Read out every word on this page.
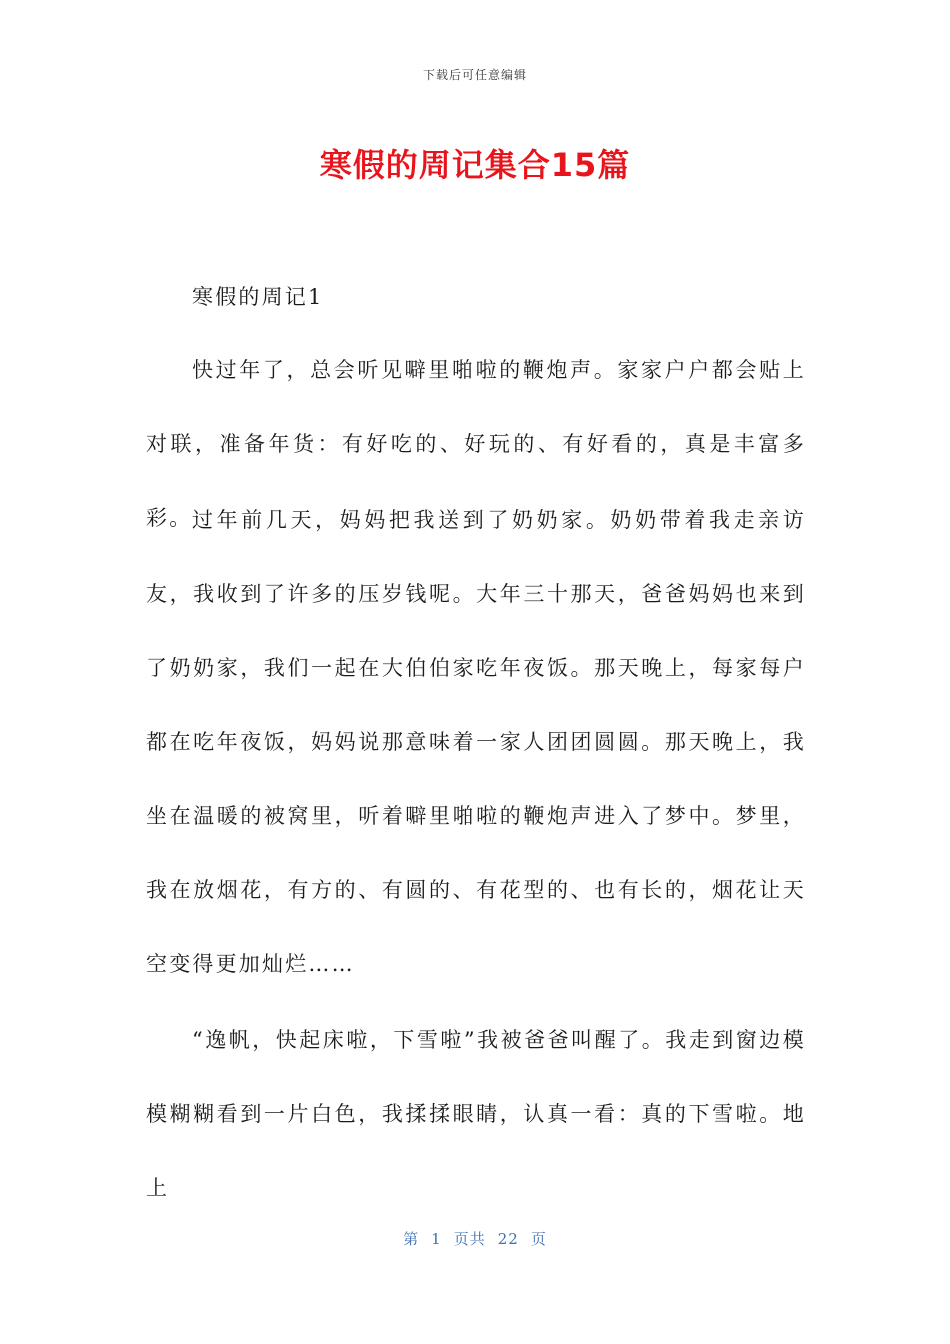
下载后可任意编辑
寒假的周记集合15篇
寒假的周记1
快过年了，总会听见噼里啪啦的鞭炮声。家家户户都会贴上对联，准备年货：有好吃的、好玩的、有好看的，真是丰富多彩。 过年前几天，妈妈把我送到了奶奶家。奶奶带着我走亲访友，我收到了许多的压岁钱呢。大年三十那天，爸爸妈妈也来到了奶奶家，我们一起在大伯伯家吃年夜饭。那天晚上，每家每户都在吃年夜饭，妈妈说那意味着一家人团团圆圆。那天晚上，我坐在温暖的被窝里，听着噼里啪啦的鞭炮声进入了梦中。梦里，我在放烟花，有方的、有圆的、有花型的、也有长的，烟花让天空变得更加灿烂……
“逸帆，快起床啦，下雪啦”我被爸爸叫醒了。我走到窗边模模糊糊看到一片白色，我揉揉眼睛，认真一看：真的下雪啦。地上
第 1 页共 22 页
